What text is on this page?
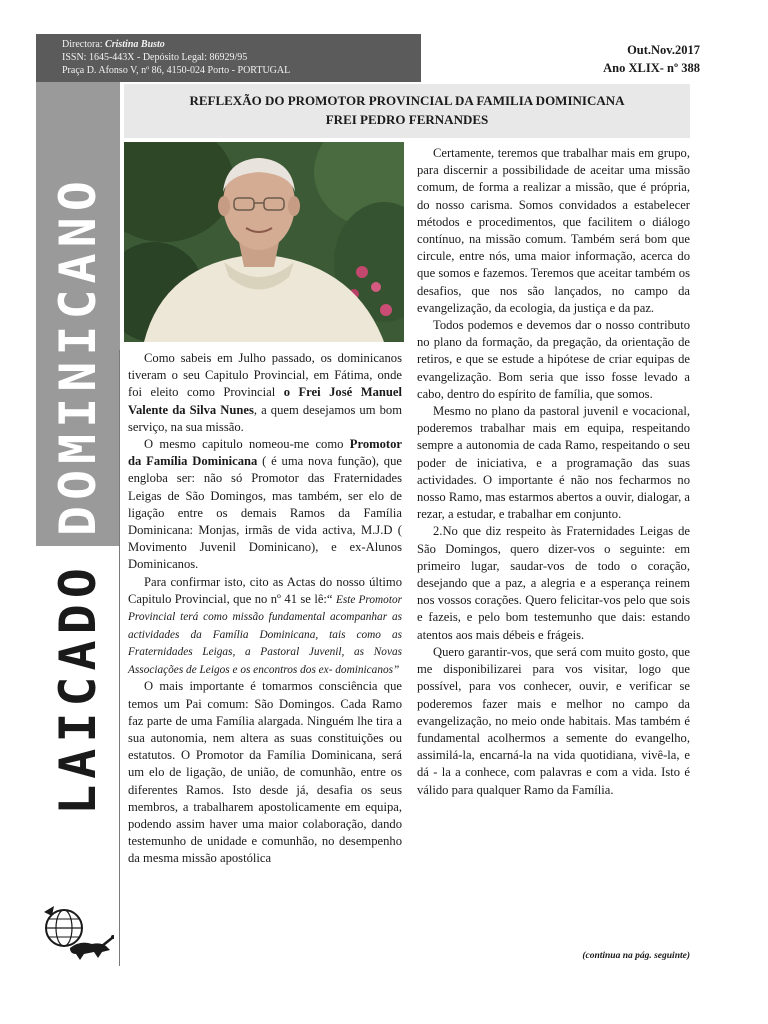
Directora: Cristina Busto
ISSN: 1645-443X - Depósito Legal: 86929/95
Praça D. Afonso V, nº 86, 4150-024 Porto - PORTUGAL
Out.Nov.2017
Ano XLIX- nº 388
LAICADODOMINICANO
REFLEXÃO DO PROMOTOR PROVINCIAL DA FAMILIA DOMINICANA
FREI PEDRO FERNANDES

Como sabeis em Julho passado, os dominicanos tiveram o seu Capitulo Provincial, em Fátima, onde foi eleito como Provincial o Frei José Manuel Valente da Silva Nunes, a quem desejamos um bom serviço, na sua missão.

O mesmo capitulo nomeou-me como Promotor da Família Dominicana ( é uma nova função), que engloba ser: não só Promotor das Fraternidades Leigas de São Domingos, mas também, ser elo de ligação entre os demais Ramos da Família Dominicana: Monjas, irmãs de vida activa, M.J.D ( Movimento Juvenil Dominicano), e ex-Alunos Dominicanos.

Para confirmar isto, cito as Actas do nosso último Capitulo Provincial, que no nº 41 se lê:“ Este Promotor Provincial terá como missão fundamental acompanhar as actividades da Família Dominicana, tais como as Fraternidades Leigas, a Pastoral Juvenil, as Novas Associações de Leigos e os encontros dos ex- dominicanos”

O mais importante é tomarmos consciência que temos um Pai comum: São Domingos. Cada Ramo faz parte de uma Família alargada. Ninguém lhe tira a sua autonomia, nem altera as suas constituições ou estatutos. O Promotor da Família Dominicana, será um elo de ligação, de união, de comunhão, entre os diferentes Ramos. Isto desde já, desafia os seus membros, a trabalharem apostolicamente em equipa, podendo assim haver uma maior colaboração, dando testemunho de unidade e comunhão, no desempenho da mesma missão apostólica

Certamente, teremos que trabalhar mais em grupo, para discernir a possibilidade de aceitar uma missão comum, de forma a realizar a missão, que é própria, do nosso carisma. Somos convidados a estabelecer métodos e procedimentos, que facilitem o diálogo contínuo, na missão comum. Também será bom que circule, entre nós, uma maior informação, acerca do que somos e fazemos. Teremos que aceitar também os desafios, que nos são lançados, no campo da evangelização, da ecologia, da justiça e da paz.

Todos podemos e devemos dar o nosso contributo no plano da formação, da pregação, da orientação de retiros, e que se estude a hipótese de criar equipas de evangelização. Bom seria que isso fosse levado a cabo, dentro do espírito de família, que somos.

Mesmo no plano da pastoral juvenil e vocacional, poderemos trabalhar mais em equipa, respeitando sempre a autonomia de cada Ramo, respeitando o seu poder de iniciativa, e a programação das suas actividades. O importante é não nos fecharmos no nosso Ramo, mas estarmos abertos a ouvir, dialogar, a rezar, a estudar, e trabalhar em conjunto.

2.No que diz respeito às Fraternidades Leigas de São Domingos, quero dizer-vos o seguinte: em primeiro lugar, saudar-vos de todo o coração, desejando que a paz, a alegria e a esperança reinem nos vossos corações. Quero felicitar-vos pelo que sois e fazeis, e pelo bom testemunho que dais: estando atentos aos mais débeis e frágeis.

Quero garantir-vos, que será com muito gosto, que me disponibilizarei para vos visitar, logo que possível, para vos conhecer, ouvir, e verificar se poderemos fazer mais e melhor no campo da evangelização, no meio onde habitais. Mas também é fundamental acolhermos a semente do evangelho, assimilá-la, encarná-la na vida quotidiana, vivê-la, e dá - la a conhece, com palavras e com a vida. Isto é válido para qualquer Ramo da Família.

(continua na pág. seguinte)
